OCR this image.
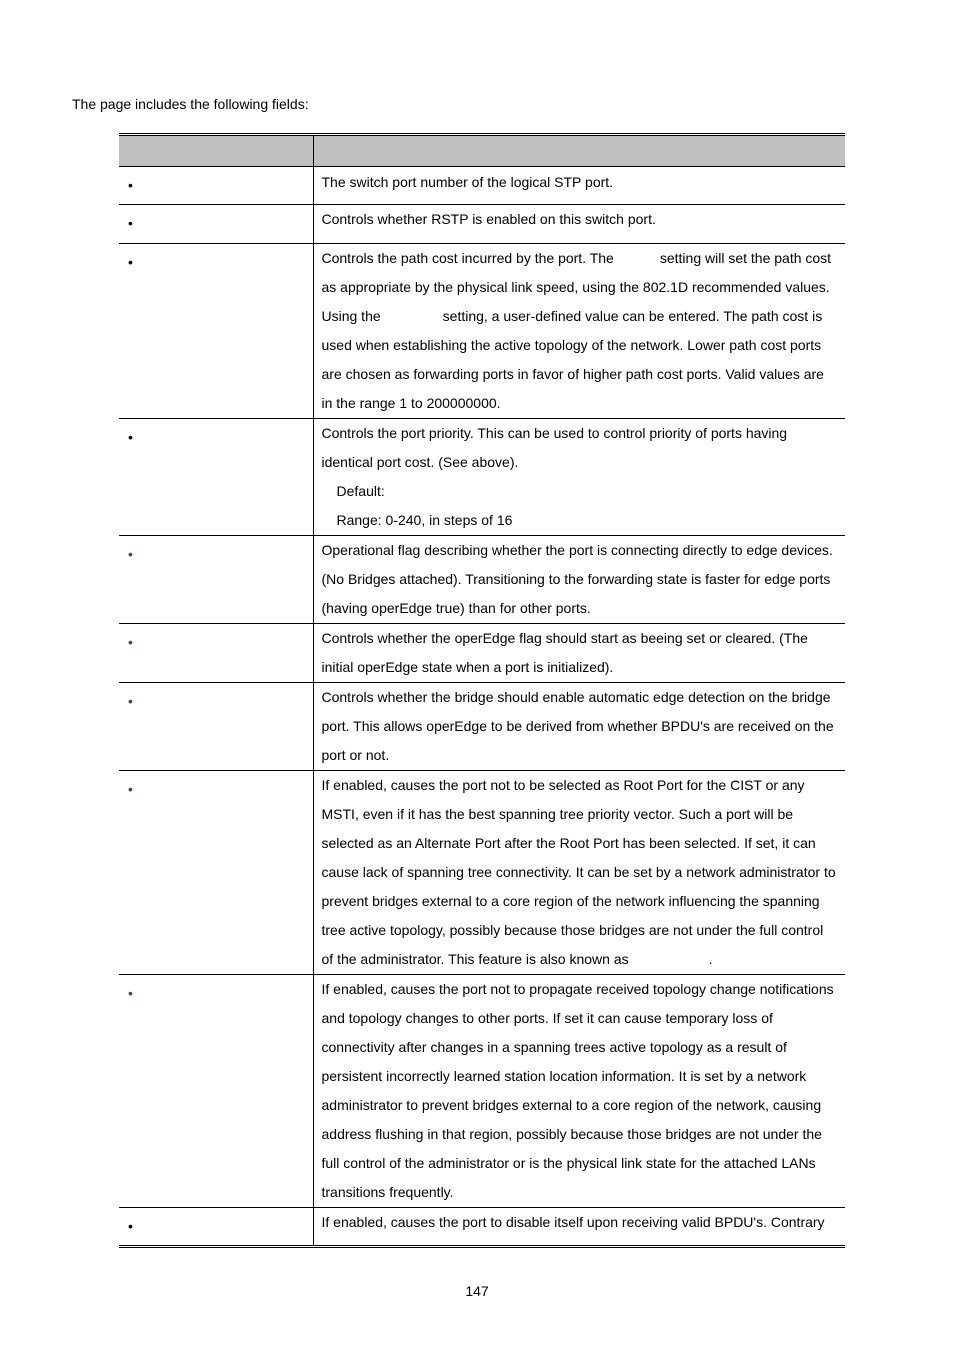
The page includes the following fields:

•	The switch port number of the logical STP port.

•	Controls whether RSTP is enabled on this switch port.

•	Controls the path cost incurred by the port. The setting will set the path cost as appropriate by the physical link speed, using the 802.1D recommended values. Using the setting, a user-defined value can be entered. The path cost is used when establishing the active topology of the network. Lower path cost ports are chosen as forwarding ports in favor of higher path cost ports. Valid values are in the range 1 to 200000000.

•	Controls the port priority. This can be used to control priority of ports having identical port cost. (See above).

Default:

Range: 0-240, in steps of 16

•	Operational flag describing whether the port is connecting directly to edge devices. (No Bridges attached). Transitioning to the forwarding state is faster for edge ports (having operEdge true) than for other ports.

•	Controls whether the operEdge flag should start as beeing set or cleared. (The initial operEdge state when a port is initialized).

•	Controls whether the bridge should enable automatic edge detection on the bridge port. This allows operEdge to be derived from whether BPDU's are received on the port or not.

•	If enabled, causes the port not to be selected as Root Port for the CIST or any MSTI, even if it has the best spanning tree priority vector. Such a port will be selected as an Alternate Port after the Root Port has been selected. If set, it can cause lack of spanning tree connectivity. It can be set by a network administrator to prevent bridges external to a core region of the network influencing the spanning tree active topology, possibly because those bridges are not under the full control of the administrator. This feature is also known as .

•	If enabled, causes the port not to propagate received topology change notifications and topology changes to other ports. If set it can cause temporary loss of connectivity after changes in a spanning trees active topology as a result of persistent incorrectly learned station location information. It is set by a network administrator to prevent bridges external to a core region of the network, causing address flushing in that region, possibly because those bridges are not under the full control of the administrator or is the physical link state for the attached LANs transitions frequently.

•	If enabled, causes the port to disable itself upon receiving valid BPDU's. Contrary

147
